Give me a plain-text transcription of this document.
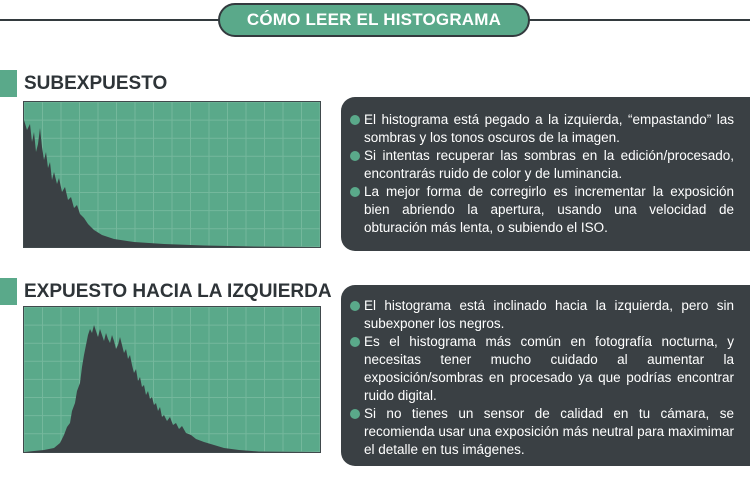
CÓMO LEER EL HISTOGRAMA
SUBEXPUESTO
El histograma está pegado a la izquierda, “empastando” las sombras y los tonos oscuros de la imagen.
Si intentas recuperar las sombras en la edición/procesado, encontrarás ruido de color y de luminancia.
La mejor forma de corregirlo es incrementar la exposición bien abriendo la apertura, usando una velocidad de obturación más lenta, o subiendo el ISO.
EXPUESTO HACIA LA IZQUIERDA
El histograma está inclinado hacia la izquierda, pero sin subexponer los negros.
Es el histograma más común en fotografía nocturna, y necesitas tener mucho cuidado al aumentar la exposición/sombras en procesado ya que podrías encontrar ruido digital.
Si no tienes un sensor de calidad en tu cámara, se recomienda usar una exposición más neutral para maximimar el detalle en tus imágenes.
